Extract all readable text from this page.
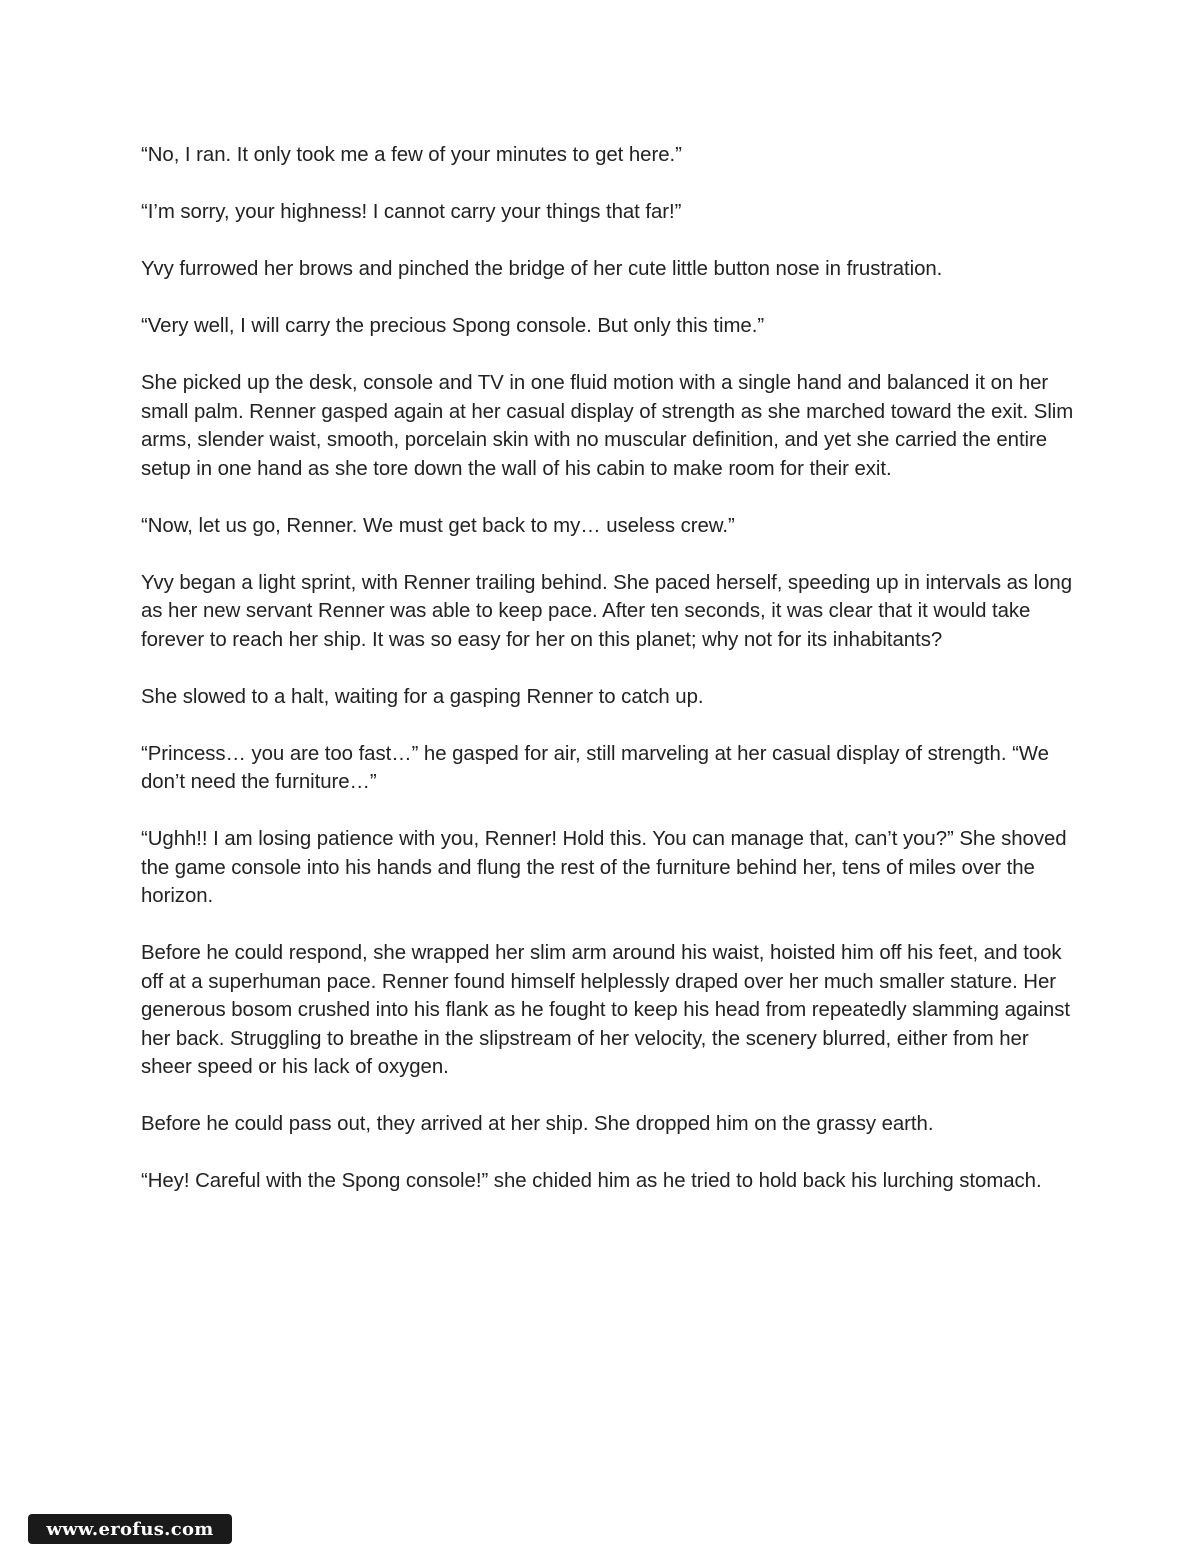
“No, I ran. It only took me a few of your minutes to get here.”

“I’m sorry, your highness! I cannot carry your things that far!”

Yvy furrowed her brows and pinched the bridge of her cute little button nose in frustration.

“Very well, I will carry the precious Spong console. But only this time.”

She picked up the desk, console and TV in one fluid motion with a single hand and balanced it on her small palm. Renner gasped again at her casual display of strength as she marched toward the exit. Slim arms, slender waist, smooth, porcelain skin with no muscular definition, and yet she carried the entire setup in one hand as she tore down the wall of his cabin to make room for their exit.

“Now, let us go, Renner. We must get back to my… useless crew.”

Yvy began a light sprint, with Renner trailing behind. She paced herself, speeding up in intervals as long as her new servant Renner was able to keep pace. After ten seconds, it was clear that it would take forever to reach her ship. It was so easy for her on this planet; why not for its inhabitants?

She slowed to a halt, waiting for a gasping Renner to catch up.

“Princess… you are too fast…” he gasped for air, still marveling at her casual display of strength. “We don’t need the furniture…”

“Ughh!! I am losing patience with you, Renner! Hold this. You can manage that, can’t you?” She shoved the game console into his hands and flung the rest of the furniture behind her, tens of miles over the horizon.

Before he could respond, she wrapped her slim arm around his waist, hoisted him off his feet, and took off at a superhuman pace. Renner found himself helplessly draped over her much smaller stature. Her generous bosom crushed into his flank as he fought to keep his head from repeatedly slamming against her back. Struggling to breathe in the slipstream of her velocity, the scenery blurred, either from her sheer speed or his lack of oxygen.

Before he could pass out, they arrived at her ship. She dropped him on the grassy earth.

“Hey! Careful with the Spong console!” she chided him as he tried to hold back his lurching stomach.

www.erofus.com
